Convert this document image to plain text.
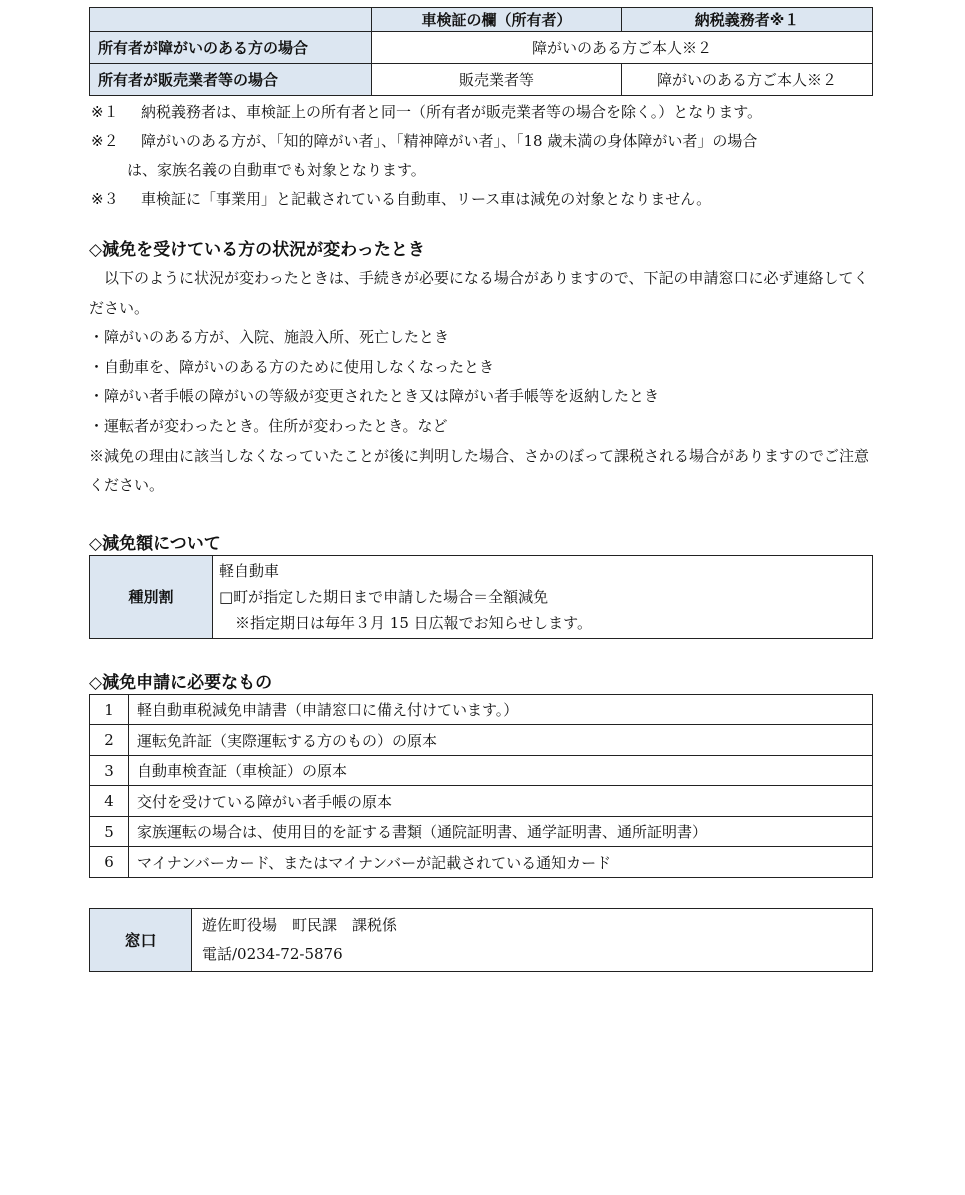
	車検証の欄（所有者）	納税義務者※１
所有者が障がいのある方の場合	障がいのある方ご本人※２	
所有者が販売業者等の場合	販売業者等	障がいのある方ご本人※２
※１	納税義務者は、車検証上の所有者と同一（所有者が販売業者等の場合を除く。）となります。
※２	障がいのある方が、「知的障がい者」、「精神障がい者」、「18 歳未満の身体障がい者」の場合
は、家族名義の自動車でも対象となります。
※３	車検証に「事業用」と記載されている自動車、リース車は減免の対象となりません。
◇減免を受けている方の状況が変わったとき

以下のように状況が変わったときは、手続きが必要になる場合がありますので、下記の申請窓口に必ず連絡してください。

・障がいのある方が、入院、施設入所、死亡したとき

・自動車を、障がいのある方のために使用しなくなったとき

・障がい者手帳の障がいの等級が変更されたとき又は障がい者手帳等を返納したとき

・運転者が変わったとき。住所が変わったとき。など

※減免の理由に該当しなくなっていたことが後に判明した場合、さかのぼって課税される場合がありますのでご注意ください。

◇減免額について
種別割	
軽自動車
□町が指定した期日まで申請した場合＝全額減免
※指定期日は毎年３月 15 日広報でお知らせします。
◇減免申請に必要なもの
1	軽自動車税減免申請書（申請窓口に備え付けています。）
2	運転免許証（実際運転する方のもの）の原本
3	自動車検査証（車検証）の原本
4	交付を受けている障がい者手帳の原本
5	家族運転の場合は、使用目的を証する書類（通院証明書、通学証明書、通所証明書）
6	マイナンバーカード、またはマイナンバーが記載されている通知カード
窓口	
遊佐町役場　町民課　課税係
電話/0234-72-5876
